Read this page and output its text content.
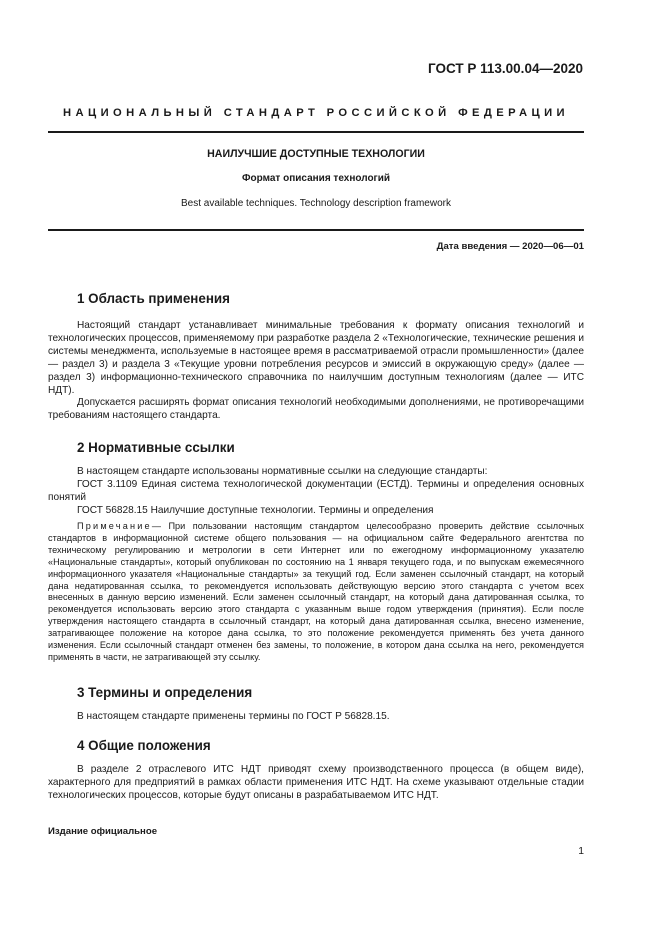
ГОСТ Р 113.00.04—2020
НАЦИОНАЛЬНЫЙ СТАНДАРТ РОССИЙСКОЙ ФЕДЕРАЦИИ
НАИЛУЧШИЕ ДОСТУПНЫЕ ТЕХНОЛОГИИ
Формат описания технологий
Best available techniques. Technology description framework
Дата введения — 2020—06—01
1 Область применения

Настоящий стандарт устанавливает минимальные требования к формату описания технологий и технологических процессов, применяемому при разработке раздела 2 «Технологические, технические решения и системы менеджмента, используемые в настоящее время в рассматриваемой отрасли промышленности» (далее — раздел 3) и раздела 3 «Текущие уровни потребления ресурсов и эмиссий в окружающую среду» (далее — раздел 3) информационно-технического справочника по наилучшим доступным технологиям (далее — ИТС НДТ).

Допускается расширять формат описания технологий необходимыми дополнениями, не противоречащими требованиям настоящего стандарта.

2 Нормативные ссылки

В настоящем стандарте использованы нормативные ссылки на следующие стандарты:

ГОСТ 3.1109 Единая система технологической документации (ЕСТД). Термины и определения основных понятий

ГОСТ 56828.15 Наилучшие доступные технологии. Термины и определения

Примечание— При пользовании настоящим стандартом целесообразно проверить действие ссылочных стандартов в информационной системе общего пользования — на официальном сайте Федерального агентства по техническому регулированию и метрологии в сети Интернет или по ежегодному информационному указателю «Национальные стандарты», который опубликован по состоянию на 1 января текущего года, и по выпускам ежемесячного информационного указателя «Национальные стандарты» за текущий год. Если заменен ссылочный стандарт, на который дана недатированная ссылка, то рекомендуется использовать действующую версию этого стандарта с учетом всех внесенных в данную версию изменений. Если заменен ссылочный стандарт, на который дана датированная ссылка, то рекомендуется использовать версию этого стандарта с указанным выше годом утверждения (принятия). Если после утверждения настоящего стандарта в ссылочный стандарт, на который дана датированная ссылка, внесено изменение, затрагивающее положение на которое дана ссылка, то это положение рекомендуется применять без учета данного изменения. Если ссылочный стандарт отменен без замены, то положение, в котором дана ссылка на него, рекомендуется применять в части, не затрагивающей эту ссылку.

3 Термины и определения

В настоящем стандарте применены термины по ГОСТ Р 56828.15.

4 Общие положения

В разделе 2 отраслевого ИТС НДТ приводят схему производственного процесса (в общем виде), характерного для предприятий в рамках области применения ИТС НДТ. На схеме указывают отдельные стадии технологических процессов, которые будут описаны в разрабатываемом ИТС НДТ.

Издание официальное
1
